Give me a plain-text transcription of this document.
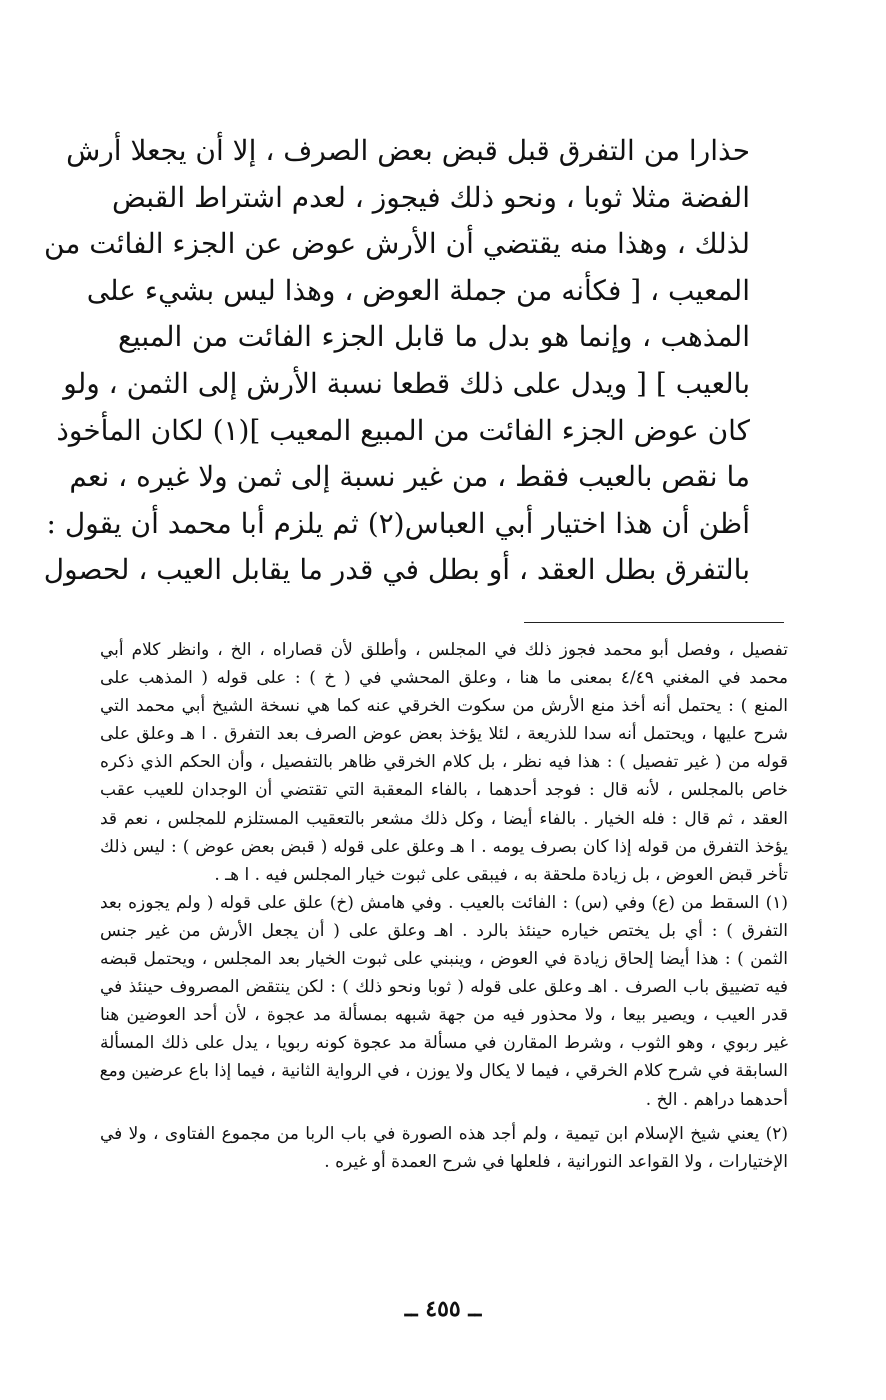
حذارا من التفرق قبل قبض بعض الصرف ، إلا أن يجعلا أرش
الفضة مثلا ثوبا ، ونحو ذلك فيجوز ، لعدم اشتراط القبض
لذلك ، وهذا منه يقتضي أن الأرش عوض عن الجزء الفائت من
المعيب ، [ فكأنه من جملة العوض ، وهذا ليس بشيء على
المذهب ، وإنما هو بدل ما قابل الجزء الفائت من المبيع
بالعيب ] [ ويدل على ذلك قطعا نسبة الأرش إلى الثمن ، ولو
كان عوض الجزء الفائت من المبيع المعيب ](١) لكان المأخوذ
ما نقص بالعيب فقط ، من غير نسبة إلى ثمن ولا غيره ، نعم
أظن أن هذا اختيار أبي العباس(٢) ثم يلزم أبا محمد أن يقول :
بالتفرق بطل العقد ، أو بطل في قدر ما يقابل العيب ، لحصول
تفصيل ، وفصل أبو محمد فجوز ذلك في المجلس ، وأطلق لأن قصاراه ، الخ ، وانظر كلام أبي
محمد في المغني ٤/٤٩ بمعنى ما هنا ، وعلق المحشي في ( خ ) : على قوله ( المذهب على
المنع ) : يحتمل أنه أخذ منع الأرش من سكوت الخرقي عنه كما هي نسخة الشيخ أبي محمد التي
شرح عليها ، ويحتمل أنه سدا للذريعة ، لئلا يؤخذ بعض عوض الصرف بعد التفرق . ا هـ وعلق على
قوله من ( غير تفصيل ) : هذا فيه نظر ، بل كلام الخرقي ظاهر بالتفصيل ، وأن الحكم الذي ذكره
خاص بالمجلس ، لأنه قال : فوجد أحدهما ، بالفاء المعقبة التي تقتضي أن الوجدان للعيب عقب
العقد ، ثم قال : فله الخيار . بالفاء أيضا ، وكل ذلك مشعر بالتعقيب المستلزم للمجلس ، نعم قد
يؤخذ التفرق من قوله إذا كان بصرف يومه . ا هـ وعلق على قوله ( قبض بعض عوض ) : ليس ذلك
تأخر قبض العوض ، بل زيادة ملحقة به ، فيبقى على ثبوت خيار المجلس فيه . ا هـ .
(١) السقط من (ع) وفي (س) : الفائت بالعيب . وفي هامش (خ) علق على قوله ( ولم يجوزه بعد
التفرق ) : أي بل يختص خياره حينئذ بالرد . اهـ وعلق على ( أن يجعل الأرش من غير جنس
الثمن ) : هذا أيضا إلحاق زيادة في العوض ، وينبني على ثبوت الخيار بعد المجلس ، ويحتمل قبضه
فيه تضييق باب الصرف . اهـ وعلق على قوله ( ثوبا ونحو ذلك ) : لكن ينتقض المصروف حينئذ في
قدر العيب ، ويصير بيعا ، ولا محذور فيه من جهة شبهه بمسألة مد عجوة ، لأن أحد العوضين هنا
غير ربوي ، وهو الثوب ، وشرط المقارن في مسألة مد عجوة كونه ربويا ، يدل على ذلك المسألة
السابقة في شرح كلام الخرقي ، فيما لا يكال ولا يوزن ، في الرواية الثانية ، فيما إذا باع عرضين ومع
أحدهما دراهم . الخ .
(٢) يعني شيخ الإسلام ابن تيمية ، ولم أجد هذه الصورة في باب الربا من مجموع الفتاوى ، ولا في
الإختيارات ، ولا القواعد النورانية ، فلعلها في شرح العمدة أو غيره .
ــ ٤٥٥ ــ
